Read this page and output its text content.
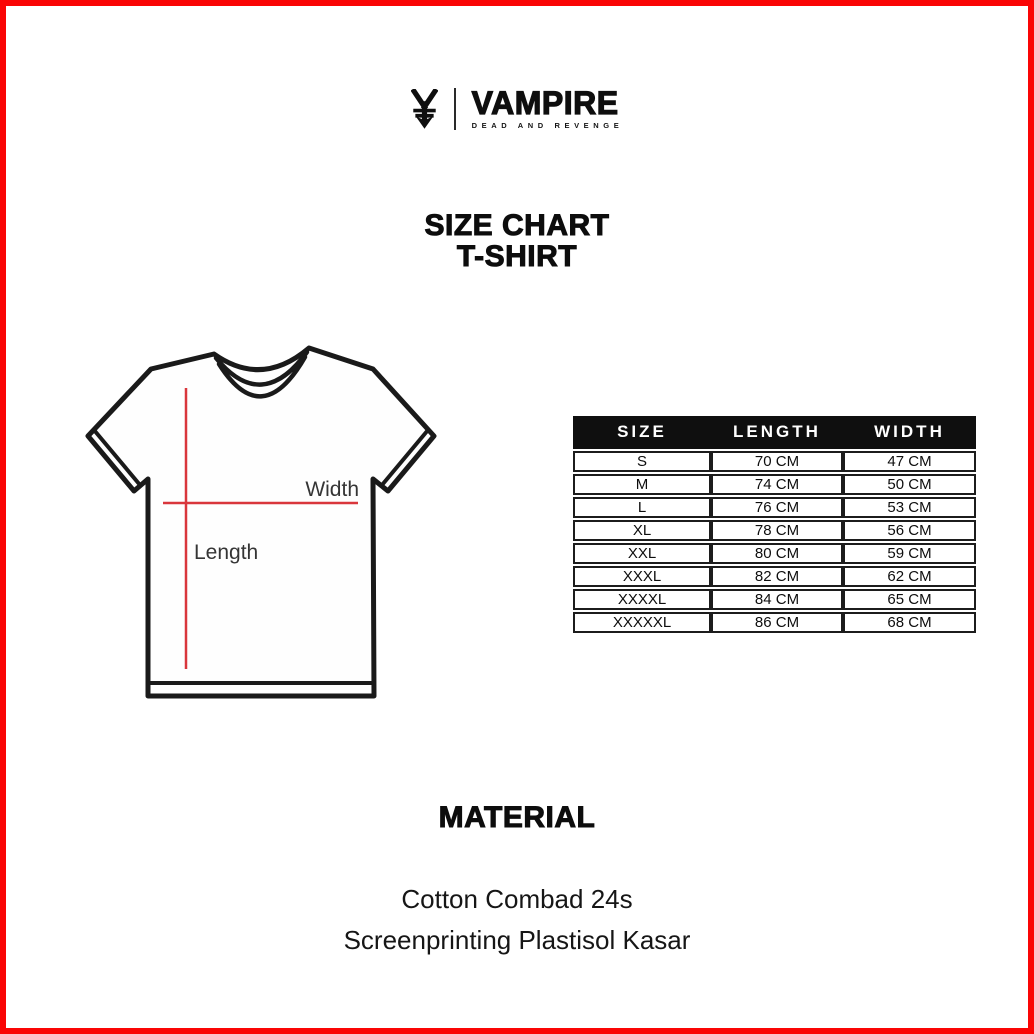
VAMPIRE
DEAD AND REVENGE
SIZE CHART
T-SHIRT
Width
Length
SIZE	LENGTH	WIDTH
S	70 CM	47 CM
M	74 CM	50 CM
L	76 CM	53 CM
XL	78 CM	56 CM
XXL	80 CM	59 CM
XXXL	82 CM	62 CM
XXXXL	84 CM	65 CM
XXXXXL	86 CM	68 CM
MATERIAL
Cotton Combad 24s
Screenprinting Plastisol Kasar
